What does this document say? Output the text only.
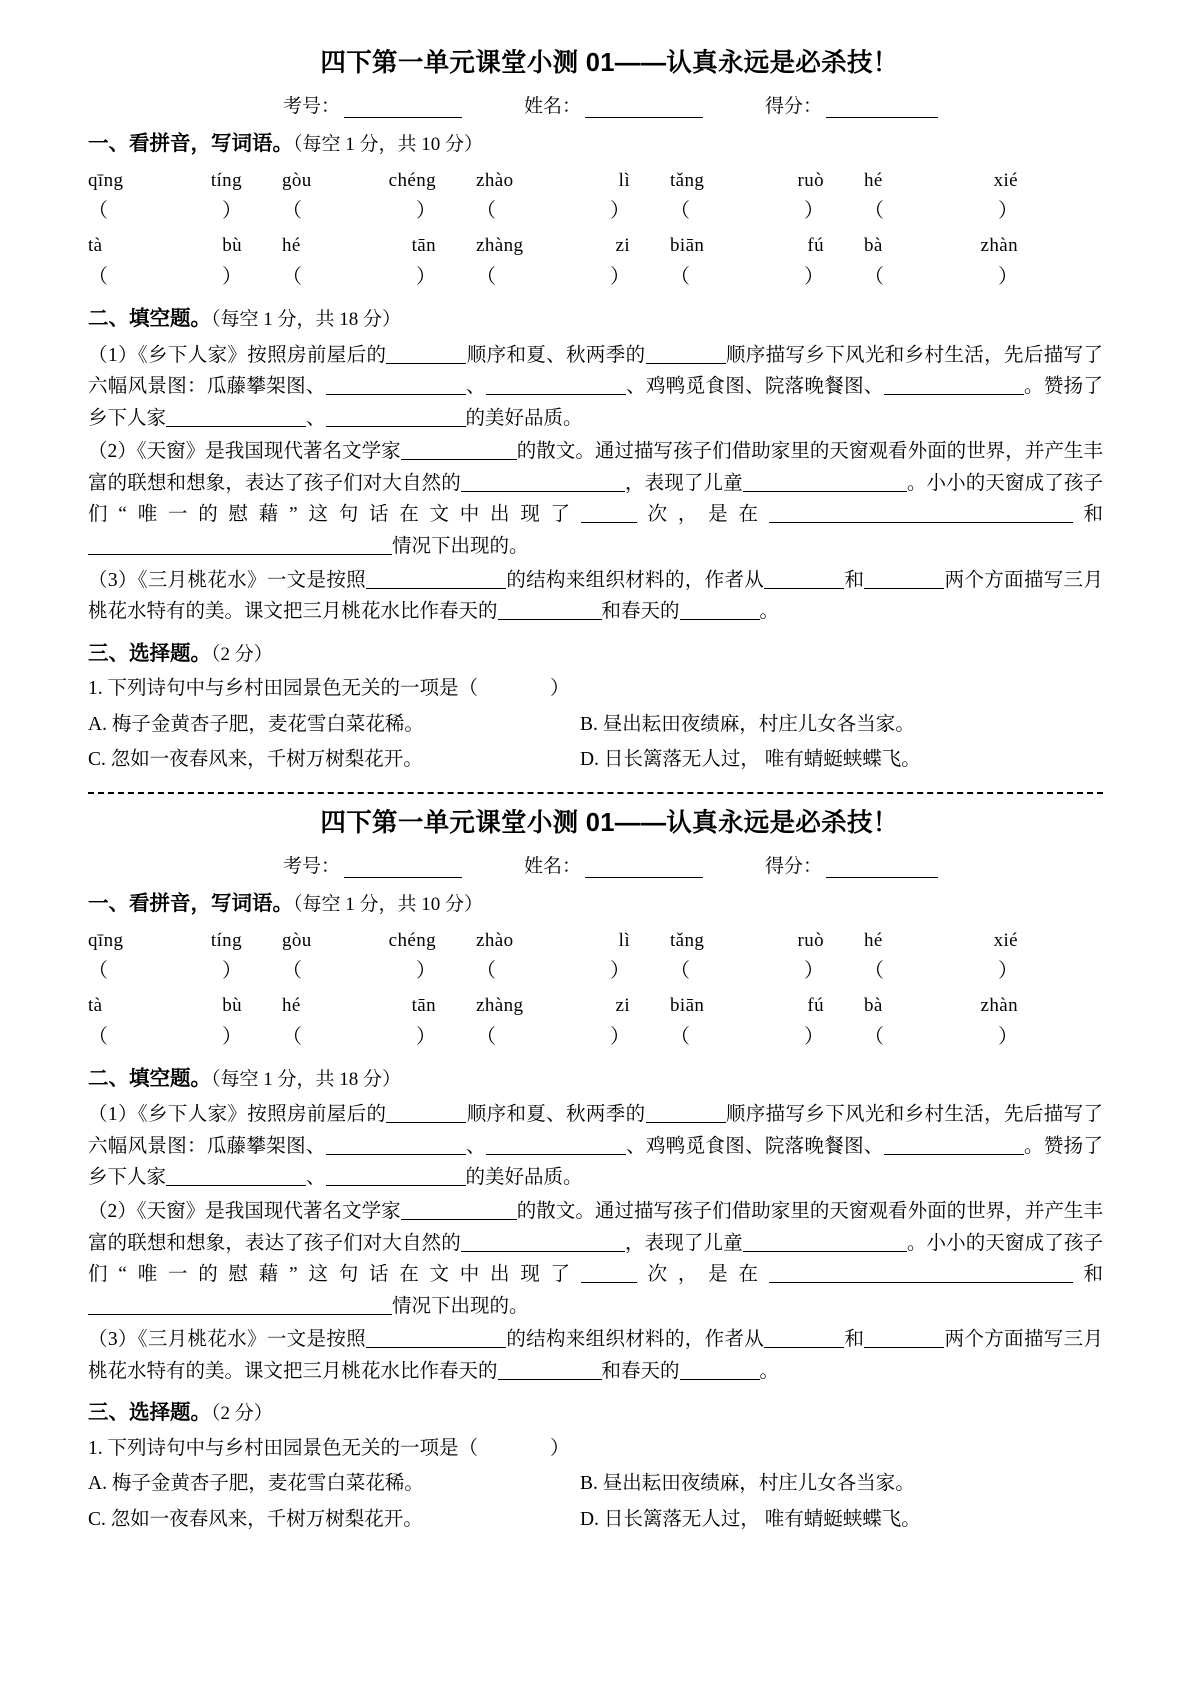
四下第一单元课堂小测 01——认真永远是必杀技！
考号：	姓名：	得分：
一、看拼音，写词语。（每空 1 分，共 10 分）
qīng	tíng gòu	chéng zhào	lì tǎng	ruò hé	xié
（	） （	） （	） （	） （	）
tà	bù hé	tān zhàng	zi biān	fú bà	zhàn
（	） （	） （	） （	） （	）
二、填空题。（每空 1 分，共 18 分）
（1）《乡下人家》按照房前屋后的	顺序和夏、秋两季的	顺序描写乡下风光和乡村生活，先后描写了六幅风景图：瓜藤攀架图、	、	、鸡鸭觅食图、院落晚餐图、	。赞扬了乡下人家	、	的美好品质。
（2）《天窗》是我国现代著名文学家	的散文。通过描写孩子们借助家里的天窗观看外面的世界，并产生丰富的联想和想象，表达了孩子们对大自然的	，表现了儿童	。小小的天窗成了孩子们“唯一的慰藉”这句话在文中出现了	次，是在	和情况下出现的。
（3）《三月桃花水》一文是按照	的结构来组织材料的，作者从	和	两个方面描写三月桃花水特有的美。课文把三月桃花水比作春天的	和春天的	。
三、选择题。（2 分）
1. 下列诗句中与乡村田园景色无关的一项是（	）
A. 梅子金黄杏子肥，麦花雪白菜花稀。	B. 昼出耘田夜绩麻，村庄儿女各当家。
C. 忽如一夜春风来，千树万树梨花开。	D. 日长篱落无人过， 唯有蜻蜓蛱蝶飞。
四下第一单元课堂小测 01——认真永远是必杀技！
考号：	姓名：	得分：
一、看拼音，写词语。（每空 1 分，共 10 分）
qīng	tíng gòu	chéng zhào	lì tǎng	ruò hé	xié
（	） （	） （	） （	） （	）
tà	bù hé	tān zhàng	zi biān	fú bà	zhàn
（	） （	） （	） （	） （	）
二、填空题。（每空 1 分，共 18 分）
（1）《乡下人家》按照房前屋后的	顺序和夏、秋两季的	顺序描写乡下风光和乡村生活，先后描写了六幅风景图：瓜藤攀架图、	、	、鸡鸭觅食图、院落晚餐图、	。赞扬了乡下人家	、	的美好品质。
（2）《天窗》是我国现代著名文学家	的散文。通过描写孩子们借助家里的天窗观看外面的世界，并产生丰富的联想和想象，表达了孩子们对大自然的	，表现了儿童	。小小的天窗成了孩子们“唯一的慰藉”这句话在文中出现了	次，是在	和情况下出现的。
（3）《三月桃花水》一文是按照	的结构来组织材料的，作者从	和	两个方面描写三月桃花水特有的美。课文把三月桃花水比作春天的	和春天的	。
三、选择题。（2 分）
1. 下列诗句中与乡村田园景色无关的一项是（	）
A. 梅子金黄杏子肥，麦花雪白菜花稀。	B. 昼出耘田夜绩麻，村庄儿女各当家。
C. 忽如一夜春风来，千树万树梨花开。	D. 日长篱落无人过， 唯有蜻蜓蛱蝶飞。
